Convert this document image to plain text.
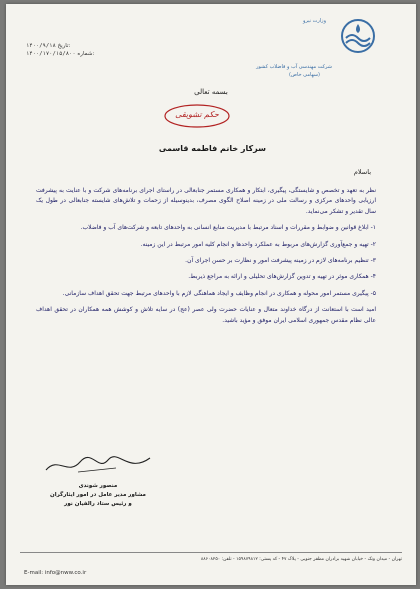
وزارت نیرو
شرکت مهندسی آب و فاضلاب کشور
(سهامی خاص)
۱۴۰۰/۹/۱۸ تاریخ:
۱۴۰۰/۱۷۰/۱۵/۸۰۰ شماره:
بسمه تعالی
حکم تشویقی
سرکار خانم فاطمه قاسمی
باسلام

نظر به تعهد و تخصص و شایستگی، پیگیری، ابتکار و همکاری مستمر جنابعالی در راستای اجرای برنامه‌های شرکت و با عنایت به پیشرفت ارزیابی واحدهای مرکزی و رسالت ملی در زمینه اصلاح الگوی مصرف، بدینوسیله از زحمات و تلاش‌های شایسته جنابعالی در طول یک سال تقدیر و تشکر می‌نماید.

۱- ابلاغ قوانین و ضوابط و مقررات و اسناد مرتبط با مدیریت منابع انسانی به واحدهای تابعه و شرکت‌های آب و فاضلاب.

۲- تهیه و جمع‌آوری گزارش‌های مربوط به عملکرد واحدها و انجام کلیه امور مرتبط در این زمینه.

۳- تنظیم برنامه‌های لازم در زمینه پیشرفت امور و نظارت بر حسن اجرای آن.

۴- همکاری موثر در تهیه و تدوین گزارش‌های تحلیلی و ارائه به مراجع ذیربط.

۵- پیگیری مستمر امور محوله و همکاری در انجام وظایف و ایجاد هماهنگی لازم با واحدهای مرتبط جهت تحقق اهداف سازمانی.

امید است با استعانت از درگاه خداوند متعال و عنایات حضرت ولی عصر (عج) در سایه تلاش و کوشش همه همکاران در تحقق اهداف عالی نظام مقدس جمهوری اسلامی ایران موفق و مؤید باشید.

منصور شوندی
مشاور مدیر عامل در امور ایثارگران
و رئیس ستاد رالفیان نور
تهران - میدان ونک - خیابان شهید برادران مظفر جنوبی - پلاک ۴۷ - کد پستی: ۱۵۹۸۷۹۸۱۲ - تلفن: ۸۸۶۰۸۲۵۰
E-mail: info@nww.co.ir
